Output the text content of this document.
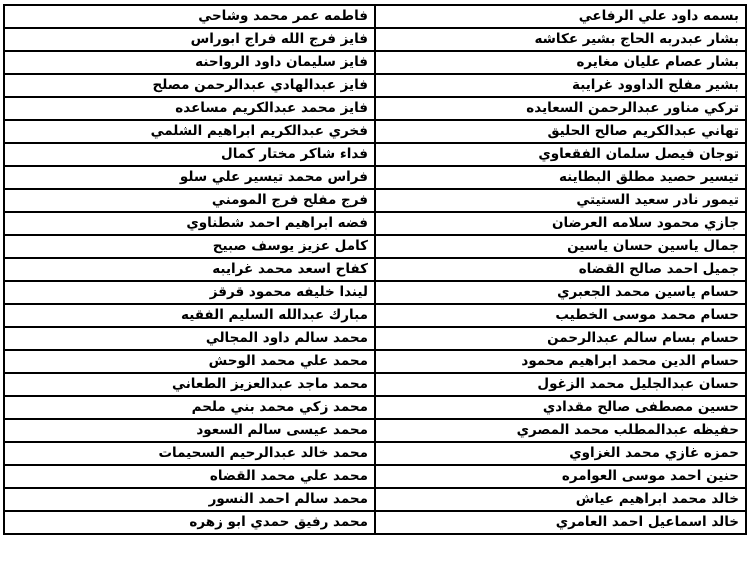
بسمه داود علي الرفاعي	فاطمه عمر محمد وشاحي
بشار عبدربه الحاج بشير عكاشه	فايز فرج الله فراج ابوراس
بشار عصام عليان مغايره	فايز سليمان داود الرواحنه
بشير مفلح الداوود غرايبة	فايز عبدالهادي عبدالرحمن مصلح
تركي مناور عبدالرحمن السعايده	فايز محمد عبدالكريم مساعده
تهاني عبدالكريم صالح الحليق	فخري عبدالكريم ابراهيم الشلمي
توجان فيصل سلمان الفقعاوي	فداء شاكر مختار كمال
تيسير حصيد مطلق البطاينه	فراس محمد تيسير علي سلو
تيمور نادر سعيد الستيتي	فرج مفلح فرج المومني
جازي محمود سلامه العرضان	فضه ابراهيم احمد شطناوي
جمال ياسين حسان ياسين	كامل عزيز يوسف صبيح
جميل احمد صالح القضاه	كفاح اسعد محمد غرايبه
حسام ياسين محمد الجعبري	ليندا خليفه محمود قرقز
حسام محمد موسى الخطيب	مبارك عبدالله السليم الفقيه
حسام بسام سالم عبدالرحمن	محمد سالم داود المجالي
حسام الدين محمد ابراهيم محمود	محمد علي محمد الوحش
حسان عبدالجليل محمد الزغول	محمد ماجد عبدالعزيز الطعاني
حسين مصطفى صالح مقدادي	محمد زكي محمد بني ملحم
حفيظه عبدالمطلب محمد المصري	محمد عيسى سالم السعود
حمزه غازي محمد الغزاوي	محمد خالد عبدالرحيم السحيمات
حنين احمد موسى العوامره	محمد علي محمد القضاه
خالد محمد ابراهيم عياش	محمد سالم احمد النسور
خالد اسماعيل احمد العامري	محمد رفيق حمدي ابو زهره
